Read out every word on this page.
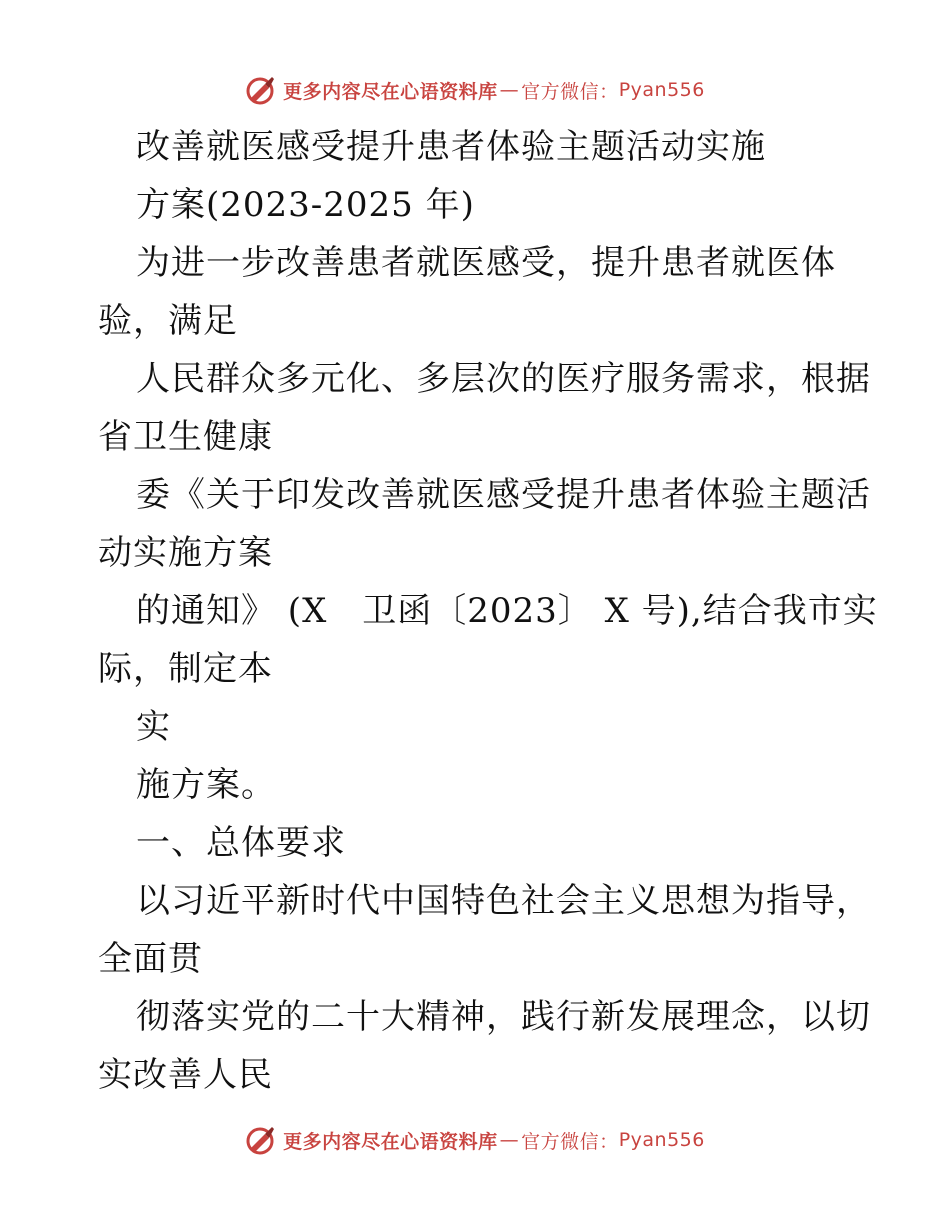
更多内容尽在心语资料库 — 官方微信： Pyan556
改善就医感受提升患者体验主题活动实施
方案(2023-2025 年)
为进一步改善患者就医感受，提升患者就医体
验，满足
人民群众多元化、多层次的医疗服务需求，根据
省卫生健康
委《关于印发改善就医感受提升患者体验主题活
动实施方案
的通知》 (X　卫函〔2023〕 X 号),结合我市实
际，制定本
实
施方案。
一、总体要求
以习近平新时代中国特色社会主义思想为指导，
全面贯
彻落实党的二十大精神，践行新发展理念，以切
实改善人民
更多内容尽在心语资料库 — 官方微信： Pyan556
